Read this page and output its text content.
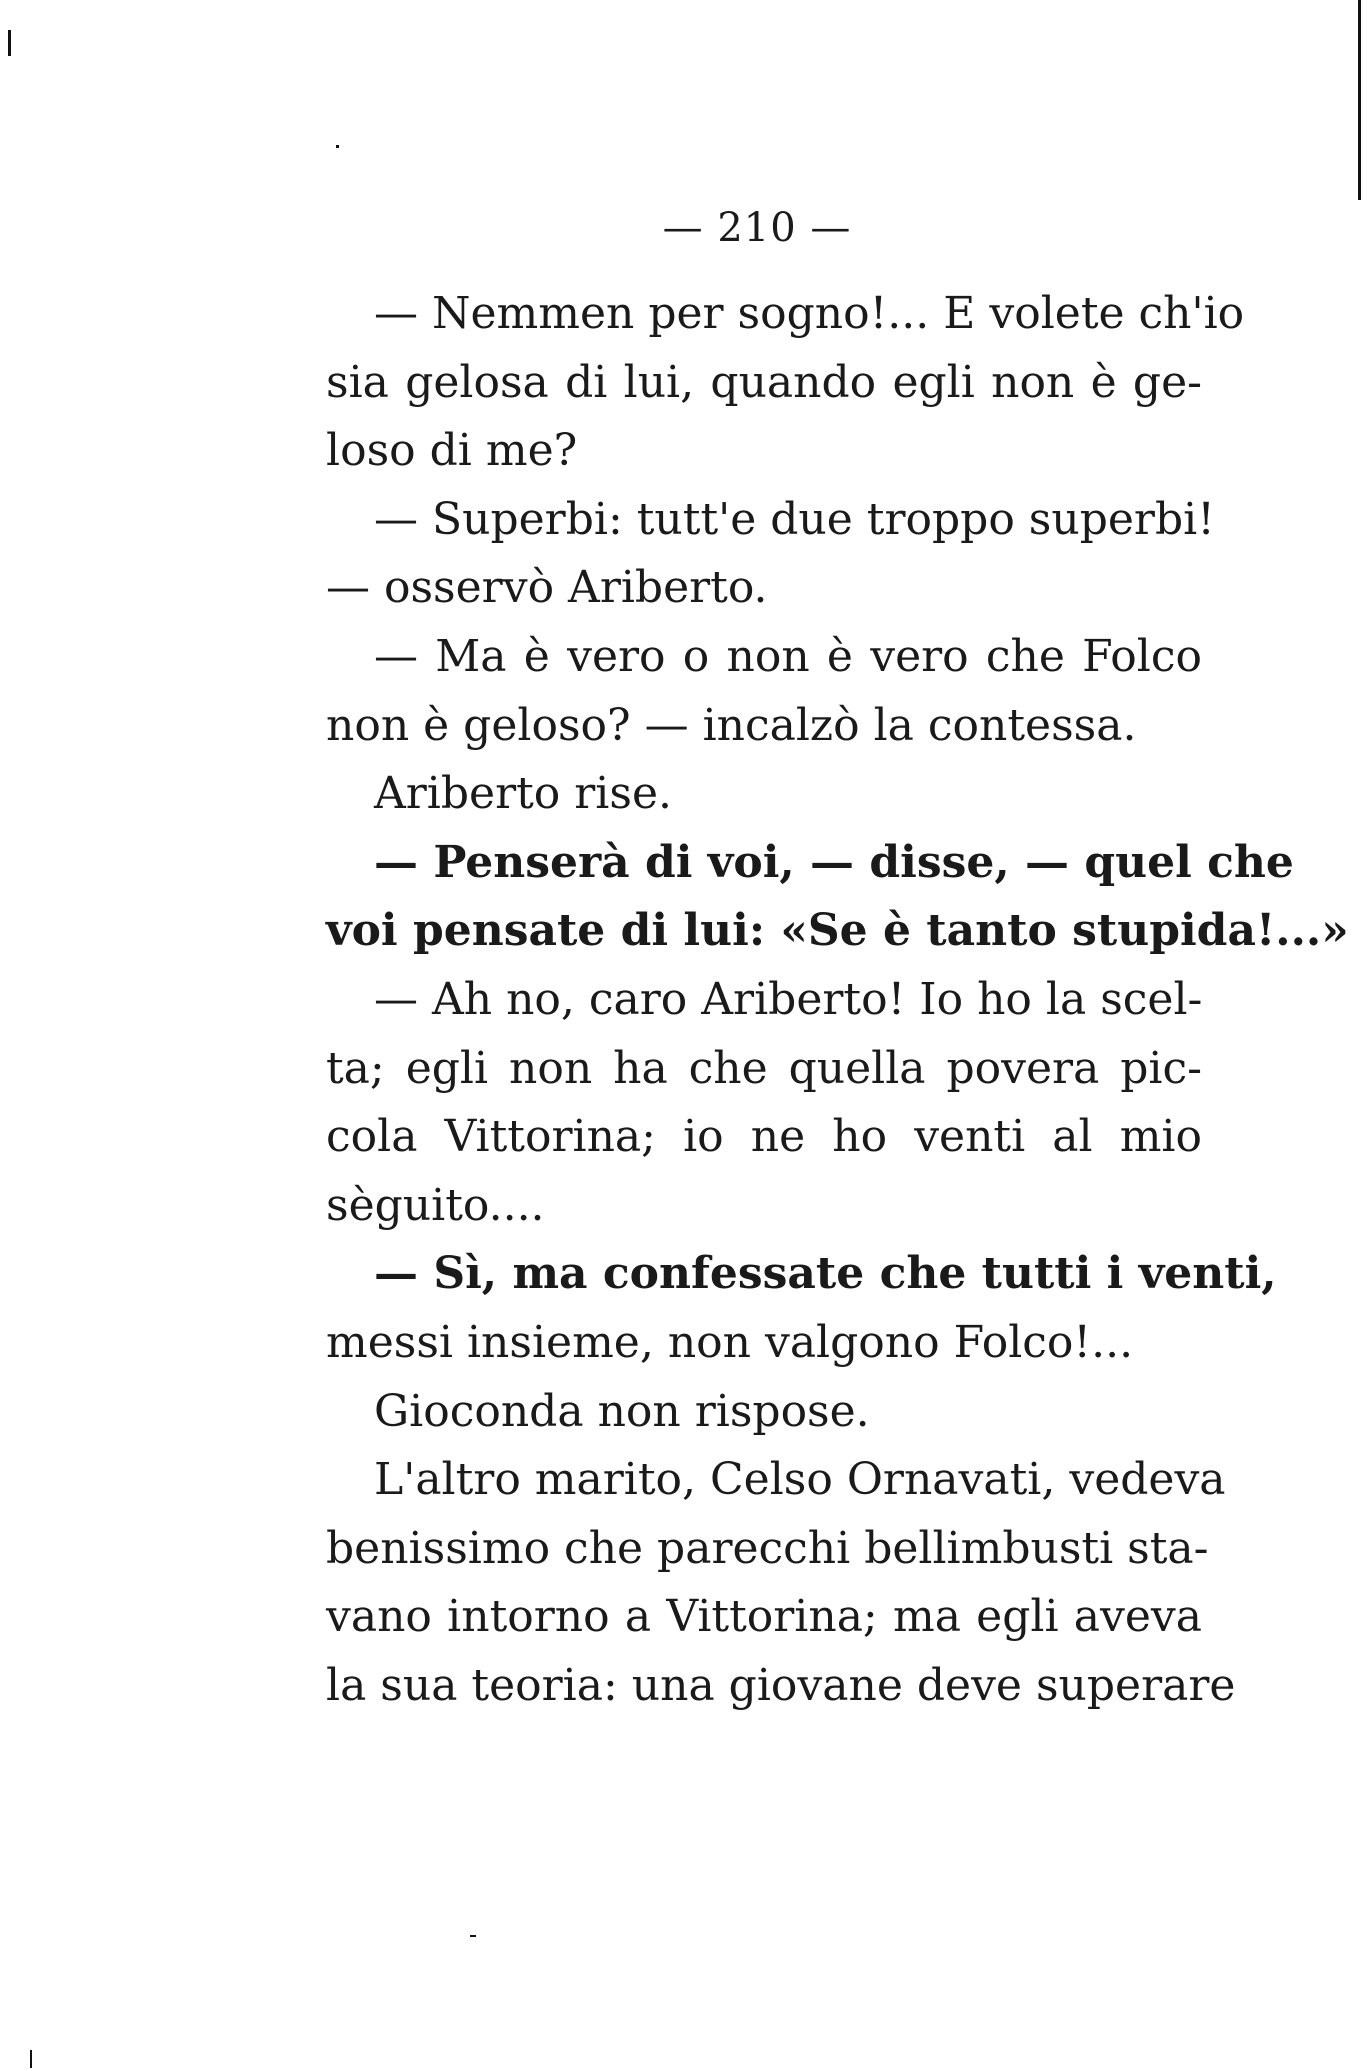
— 210 —
— Nemmen per sogno!... E volete ch'io
sia gelosa di lui, quando egli non è ge-
loso di me?
— Superbi: tutt'e due troppo superbi!
— osservò Ariberto.
— Ma è vero o non è vero che Folco
non è geloso? — incalzò la contessa.
Ariberto rise.
— Penserà di voi, — disse, — quel che
voi pensate di lui: «Se è tanto stupida!...»
— Ah no, caro Ariberto! Io ho la scel-
ta; egli non ha che quella povera pic-
cola Vittorina; io ne ho venti al mio
sèguito....
— Sì, ma confessate che tutti i venti,
messi insieme, non valgono Folco!...
Gioconda non rispose.
L'altro marito, Celso Ornavati, vedeva
benissimo che parecchi bellimbusti sta-
vano intorno a Vittorina; ma egli aveva
la sua teoria: una giovane deve superare
